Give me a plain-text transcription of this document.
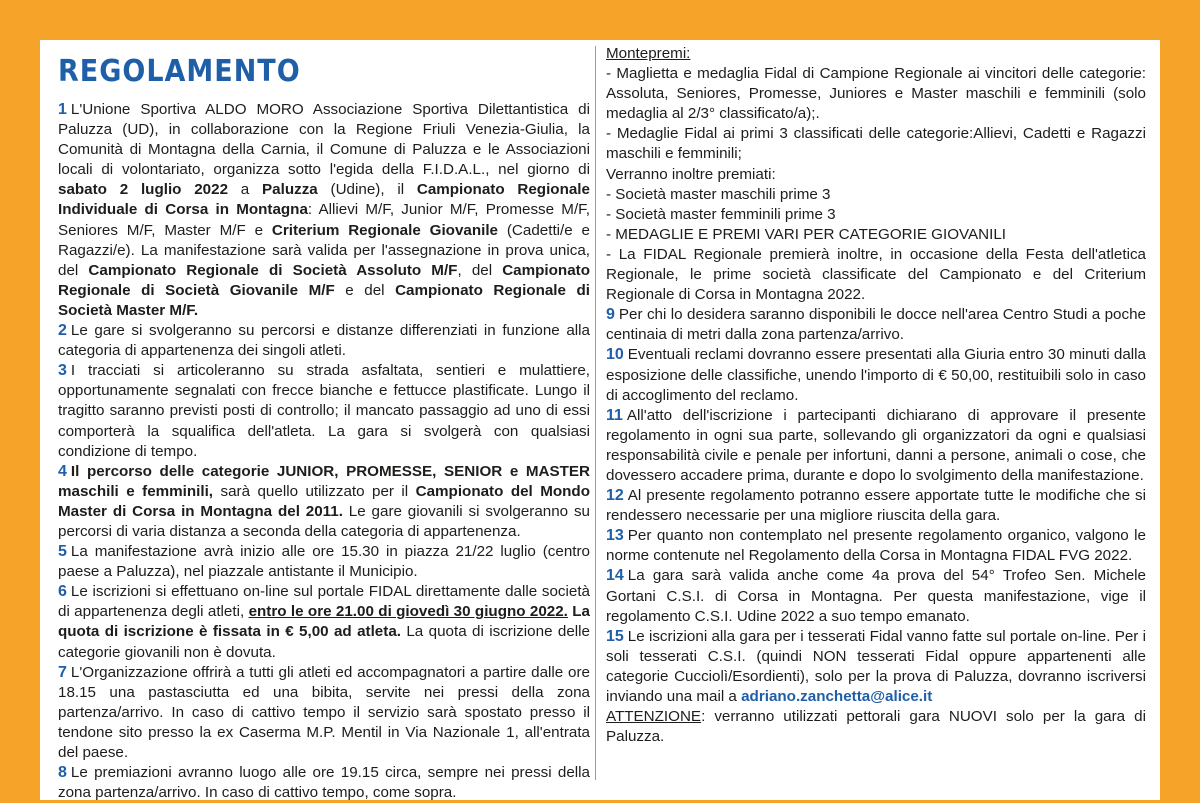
REGOLAMENTO

1 L'Unione Sportiva ALDO MORO Associazione Sportiva Dilettantistica di Paluzza (UD), in collaborazione con la Regione Friuli Venezia-Giulia, la Comunità di Montagna della Carnia, il Comune di Paluzza e le Associazioni locali di volontariato, organizza sotto l'egida della F.I.D.A.L., nel giorno di sabato 2 luglio 2022 a Paluzza (Udine), il Campionato Regionale Individuale di Corsa in Montagna: Allievi M/F, Junior M/F, Promesse M/F, Seniores M/F, Master M/F e Criterium Regionale Giovanile (Cadetti/e e Ragazzi/e). La manifestazione sarà valida per l'assegnazione in prova unica, del Campionato Regionale di Società Assoluto M/F, del Campionato Regionale di Società Giovanile M/F e del Campionato Regionale di Società Master M/F.

2 Le gare si svolgeranno su percorsi e distanze differenziati in funzione alla categoria di appartenenza dei singoli atleti.

3 I tracciati si articoleranno su strada asfaltata, sentieri e mulattiere, opportunamente segnalati con frecce bianche e fettucce plastificate. Lungo il tragitto saranno previsti posti di controllo; il mancato passaggio ad uno di essi comporterà la squalifica dell'atleta. La gara si svolgerà con qualsiasi condizione di tempo.

4 Il percorso delle categorie JUNIOR, PROMESSE, SENIOR e MASTER maschili e femminili, sarà quello utilizzato per il Campionato del Mondo Master di Corsa in Montagna del 2011. Le gare giovanili si svolgeranno su percorsi di varia distanza a seconda della categoria di appartenenza.

5 La manifestazione avrà inizio alle ore 15.30 in piazza 21/22 luglio (centro paese a Paluzza), nel piazzale antistante il Municipio.

6 Le iscrizioni si effettuano on-line sul portale FIDAL direttamente dalle società di appartenenza degli atleti, entro le ore 21.00 di giovedì 30 giugno 2022. La quota di iscrizione è fissata in € 5,00 ad atleta. La quota di iscrizione delle categorie giovanili non è dovuta.

7 L'Organizzazione offrirà a tutti gli atleti ed accompagnatori a partire dalle ore 18.15 una pastasciutta ed una bibita, servite nei pressi della zona partenza/arrivo. In caso di cattivo tempo il servizio sarà spostato presso il tendone sito presso la ex Caserma M.P. Mentil in Via Nazionale 1, all'entrata del paese.

8 Le premiazioni avranno luogo alle ore 19.15 circa, sempre nei pressi della zona partenza/arrivo. In caso di cattivo tempo, come sopra.

Montepremi:
- Maglietta e medaglia Fidal di Campione Regionale ai vincitori delle categorie: Assoluta, Seniores, Promesse, Juniores e Master maschili e femminili (solo medaglia al 2/3° classificato/a);.
- Medaglie Fidal ai primi 3 classificati delle categorie:Allievi, Cadetti e Ragazzi maschili e femminili;
Verranno inoltre premiati:
- Società master maschili prime 3
- Società master femminili prime 3
- MEDAGLIE E PREMI VARI PER CATEGORIE GIOVANILI
- La FIDAL Regionale premierà inoltre, in occasione della Festa dell'atletica Regionale, le prime società classificate del Campionato e del Criterium Regionale di Corsa in Montagna 2022.

9 Per chi lo desidera saranno disponibili le docce nell'area Centro Studi a poche centinaia di metri dalla zona partenza/arrivo.

10 Eventuali reclami dovranno essere presentati alla Giuria entro 30 minuti dalla esposizione delle classifiche, unendo l'importo di € 50,00, restituibili solo in caso di accoglimento del reclamo.

11 All'atto dell'iscrizione i partecipanti dichiarano di approvare il presente regolamento in ogni sua parte, sollevando gli organizzatori da ogni e qualsiasi responsabilità civile e penale per infortuni, danni a persone, animali o cose, che dovessero accadere prima, durante e dopo lo svolgimento della manifestazione.

12 Al presente regolamento potranno essere apportate tutte le modifiche che si rendessero necessarie per una migliore riuscita della gara.

13 Per quanto non contemplato nel presente regolamento organico, valgono le norme contenute nel Regolamento della Corsa in Montagna FIDAL FVG 2022.

14 La gara sarà valida anche come 4a prova del 54° Trofeo Sen. Michele Gortani C.S.I. di Corsa in Montagna. Per questa manifestazione, vige il regolamento C.S.I. Udine 2022 a suo tempo emanato.

15 Le iscrizioni alla gara per i tesserati Fidal vanno fatte sul portale on-line. Per i soli tesserati C.S.I. (quindi NON tesserati Fidal oppure appartenenti alle categorie Cucciolì/Esordienti), solo per la prova di Paluzza, dovranno iscriversi inviando una mail a adriano.zanchetta@alice.it

ATTENZIONE: verranno utilizzati pettorali gara NUOVI solo per la gara di Paluzza.
